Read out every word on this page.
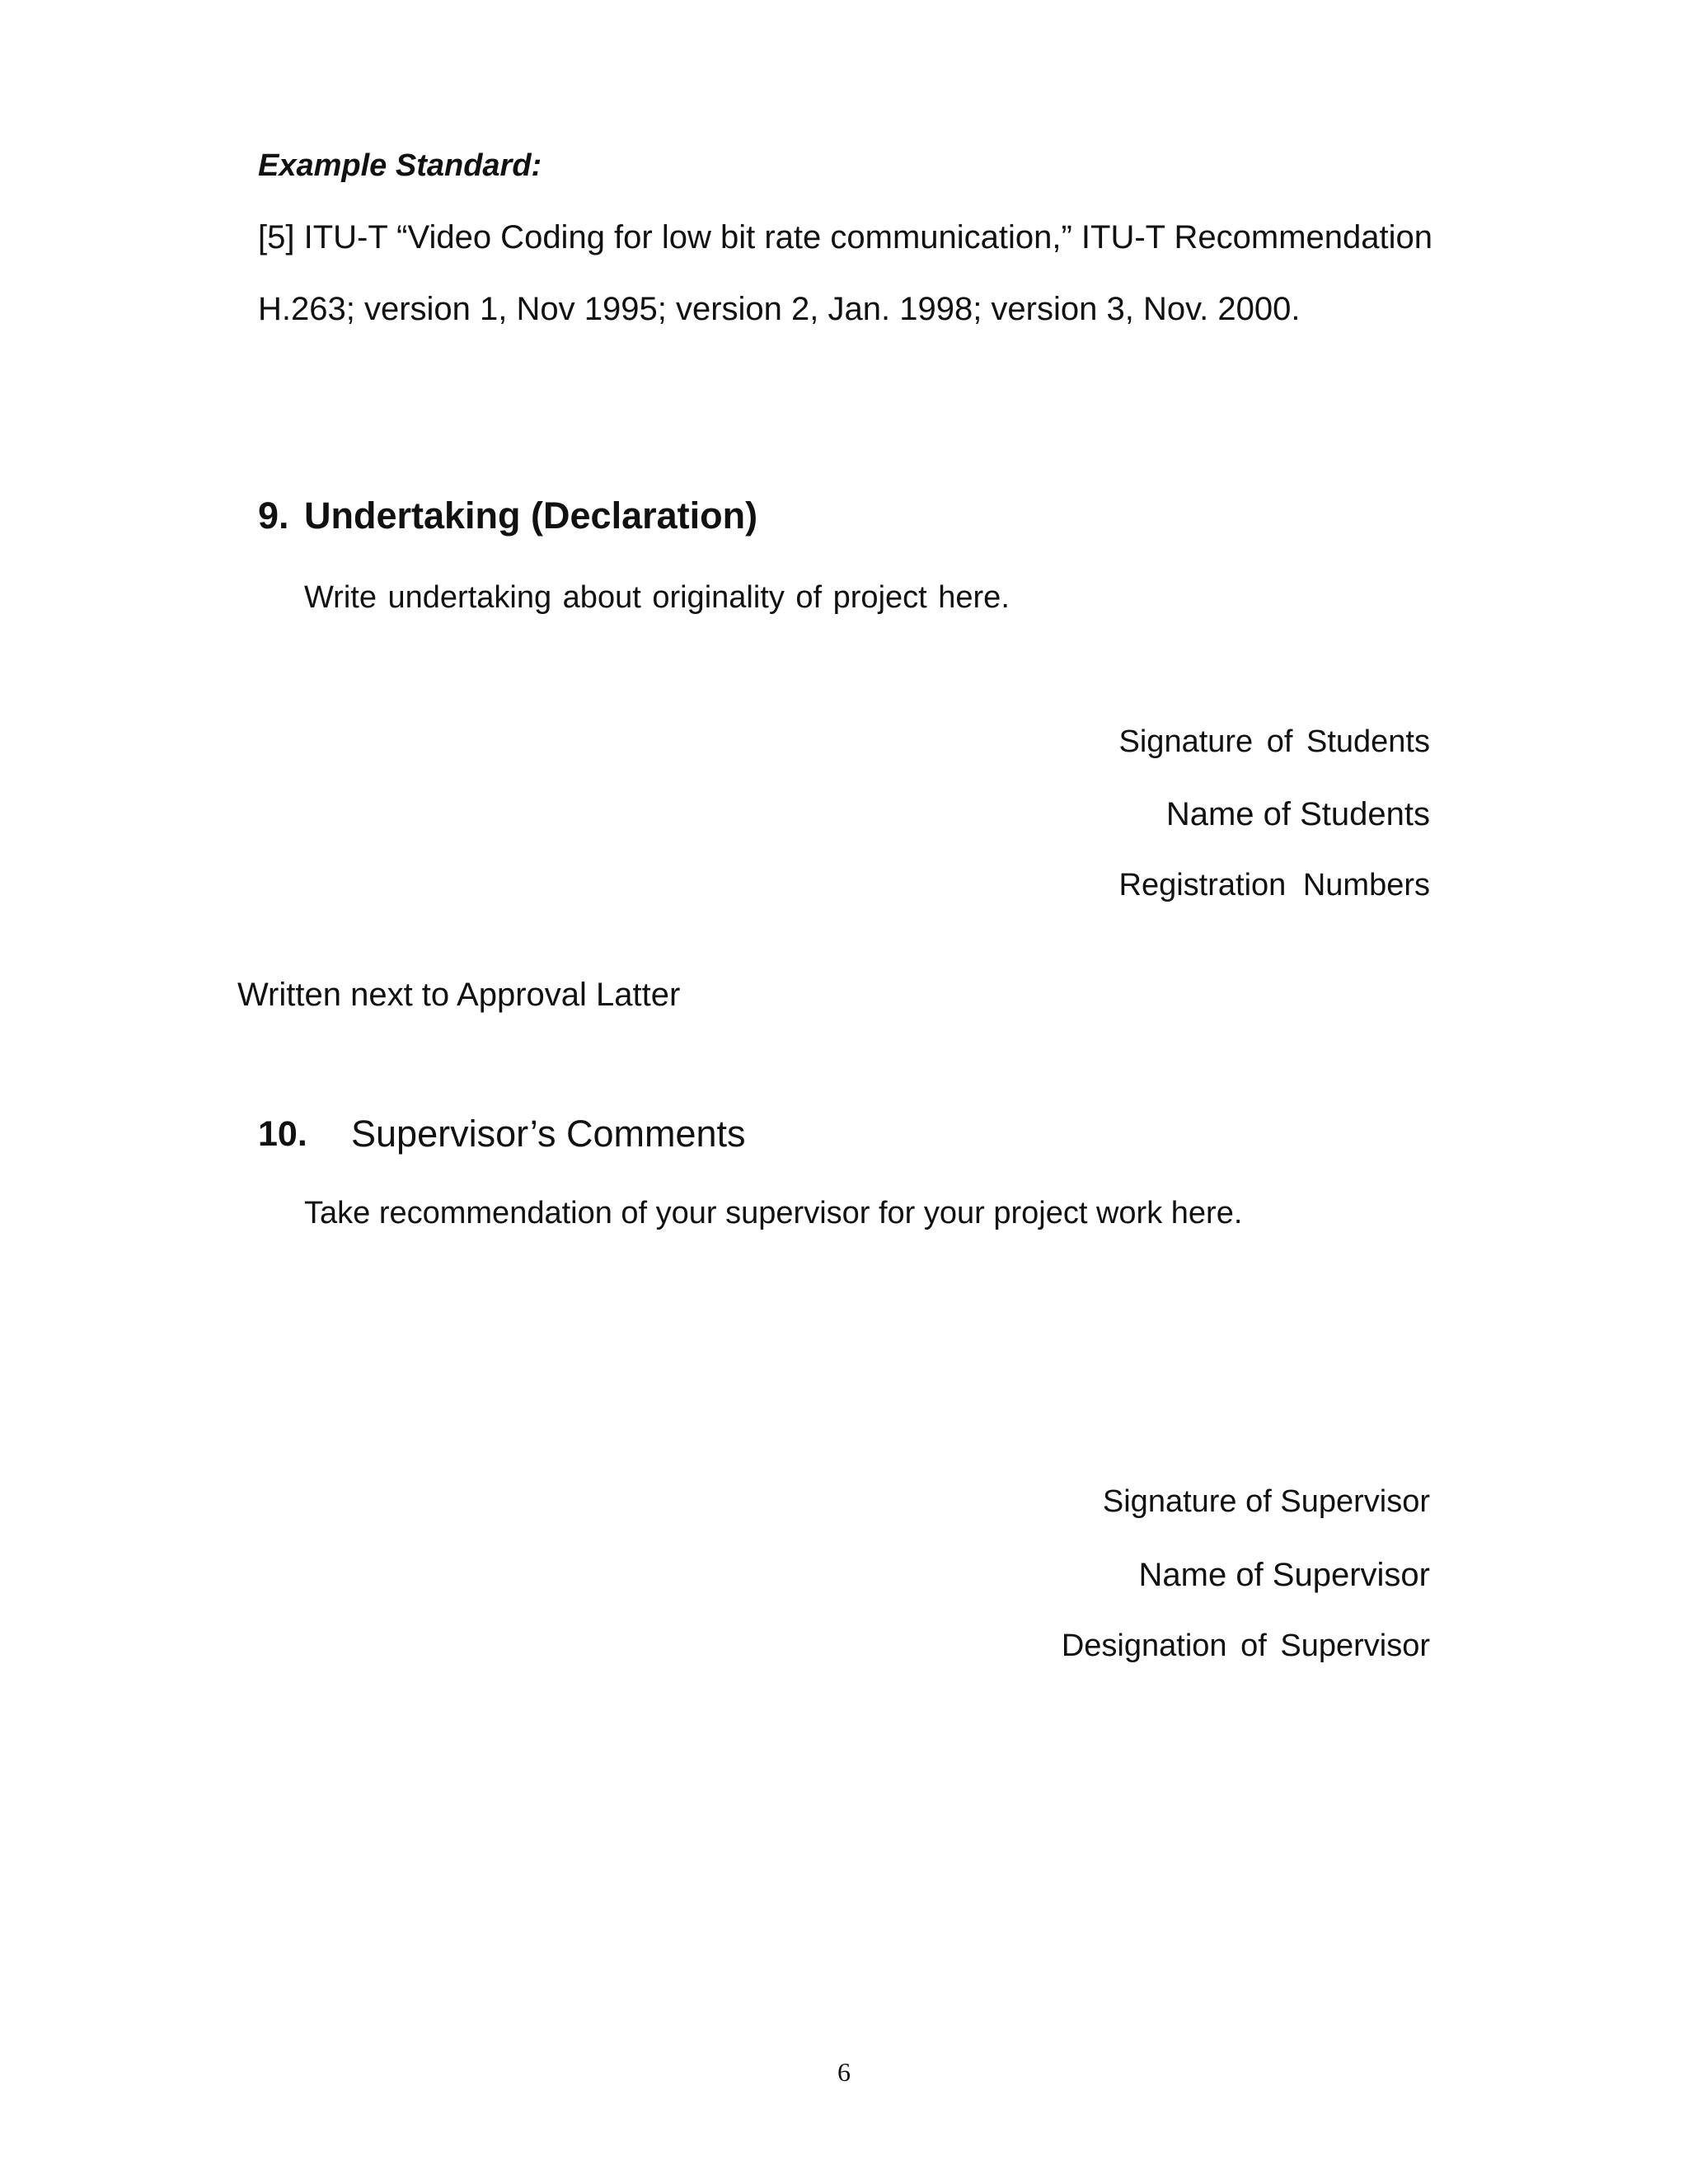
Example Standard:
[5] ITU-T “Video Coding for low bit rate communication,” ITU-T Recommendation
H.263; version 1, Nov 1995; version 2, Jan. 1998; version 3, Nov. 2000.
9. Undertaking (Declaration)
Write undertaking about originality of project here.
Signature of Students
Name of Students
Registration Numbers
Written next to Approval Latter
10. Supervisor’s Comments
Take recommendation of your supervisor for your project work here.
Signature of Supervisor
Name of Supervisor
Designation of Supervisor
6
